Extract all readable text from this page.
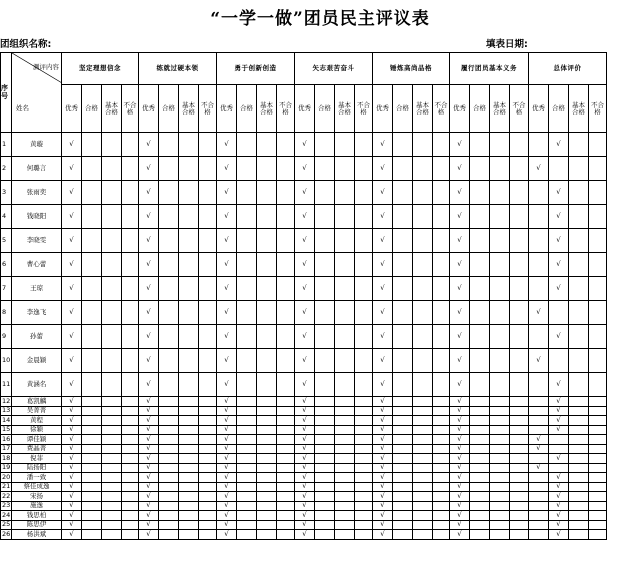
“一学一做”团员民主评议表
团组织名称:	填表日期:
序号	测评内容
姓名	坚定理想信念				练就过硬本领				勇于创新创造				矢志艰苦奋斗				锤炼高尚品格				履行团员基本义务				总体评价			
		优秀	合格	基本合格	不合格	优秀	合格	基本合格	不合格	优秀	合格	基本合格	不合格	优秀	合格	基本合格	不合格	优秀	合格	基本合格	不合格	优秀	合格	基本合格	不合格	优秀	合格	基本合格	不合格
1	黄璇	√				√				√				√				√				√					√		
2	何璐言	√				√				√				√				√				√				√			
3	张雨奕	√				√				√				√				√				√					√		
4	钱晓阳	√				√				√				√				√				√					√		
5	李晓雯	√				√				√				√				√				√					√		
6	曹心蕾	√				√				√				√				√				√					√		
7	王琼	√				√				√				√				√				√					√		
8	李逸飞	√				√				√				√				√				√				√			
9	孙蕾	√				√				√				√				√				√					√		
10	金晨颖	√				√				√				√				√				√				√			
11	黄涵名	√				√				√				√				√				√					√		
12	葛凯麟	√				√				√				√				√				√					√		
13	吴菁菁	√				√				√				√				√				√					√		
14	黄程	√				√				√				√				√				√					√		
15	徐颖	√				√				√				√				√				√					√		
16	谭佳颖	√				√				√				√				√				√				√			
17	费晶菁	√				√				√				√				√				√				√			
18	倪菲	√				√				√				√				√				√					√		
19	陆扬阳	√				√				√				√				√				√				√			
20	潘一致	√				√				√				√				√				√					√		
21	蔡佳成逸	√				√				√				√				√				√					√		
22	宋扬	√				√				√				√				√				√					√		
23	施逸	√				√				√				√				√				√					√		
24	钱思柏	√				√				√				√				√				√					√		
25	陈思伊	√				√				√				√				√				√					√		
26	杨洪斌	√				√				√				√				√				√					√		
